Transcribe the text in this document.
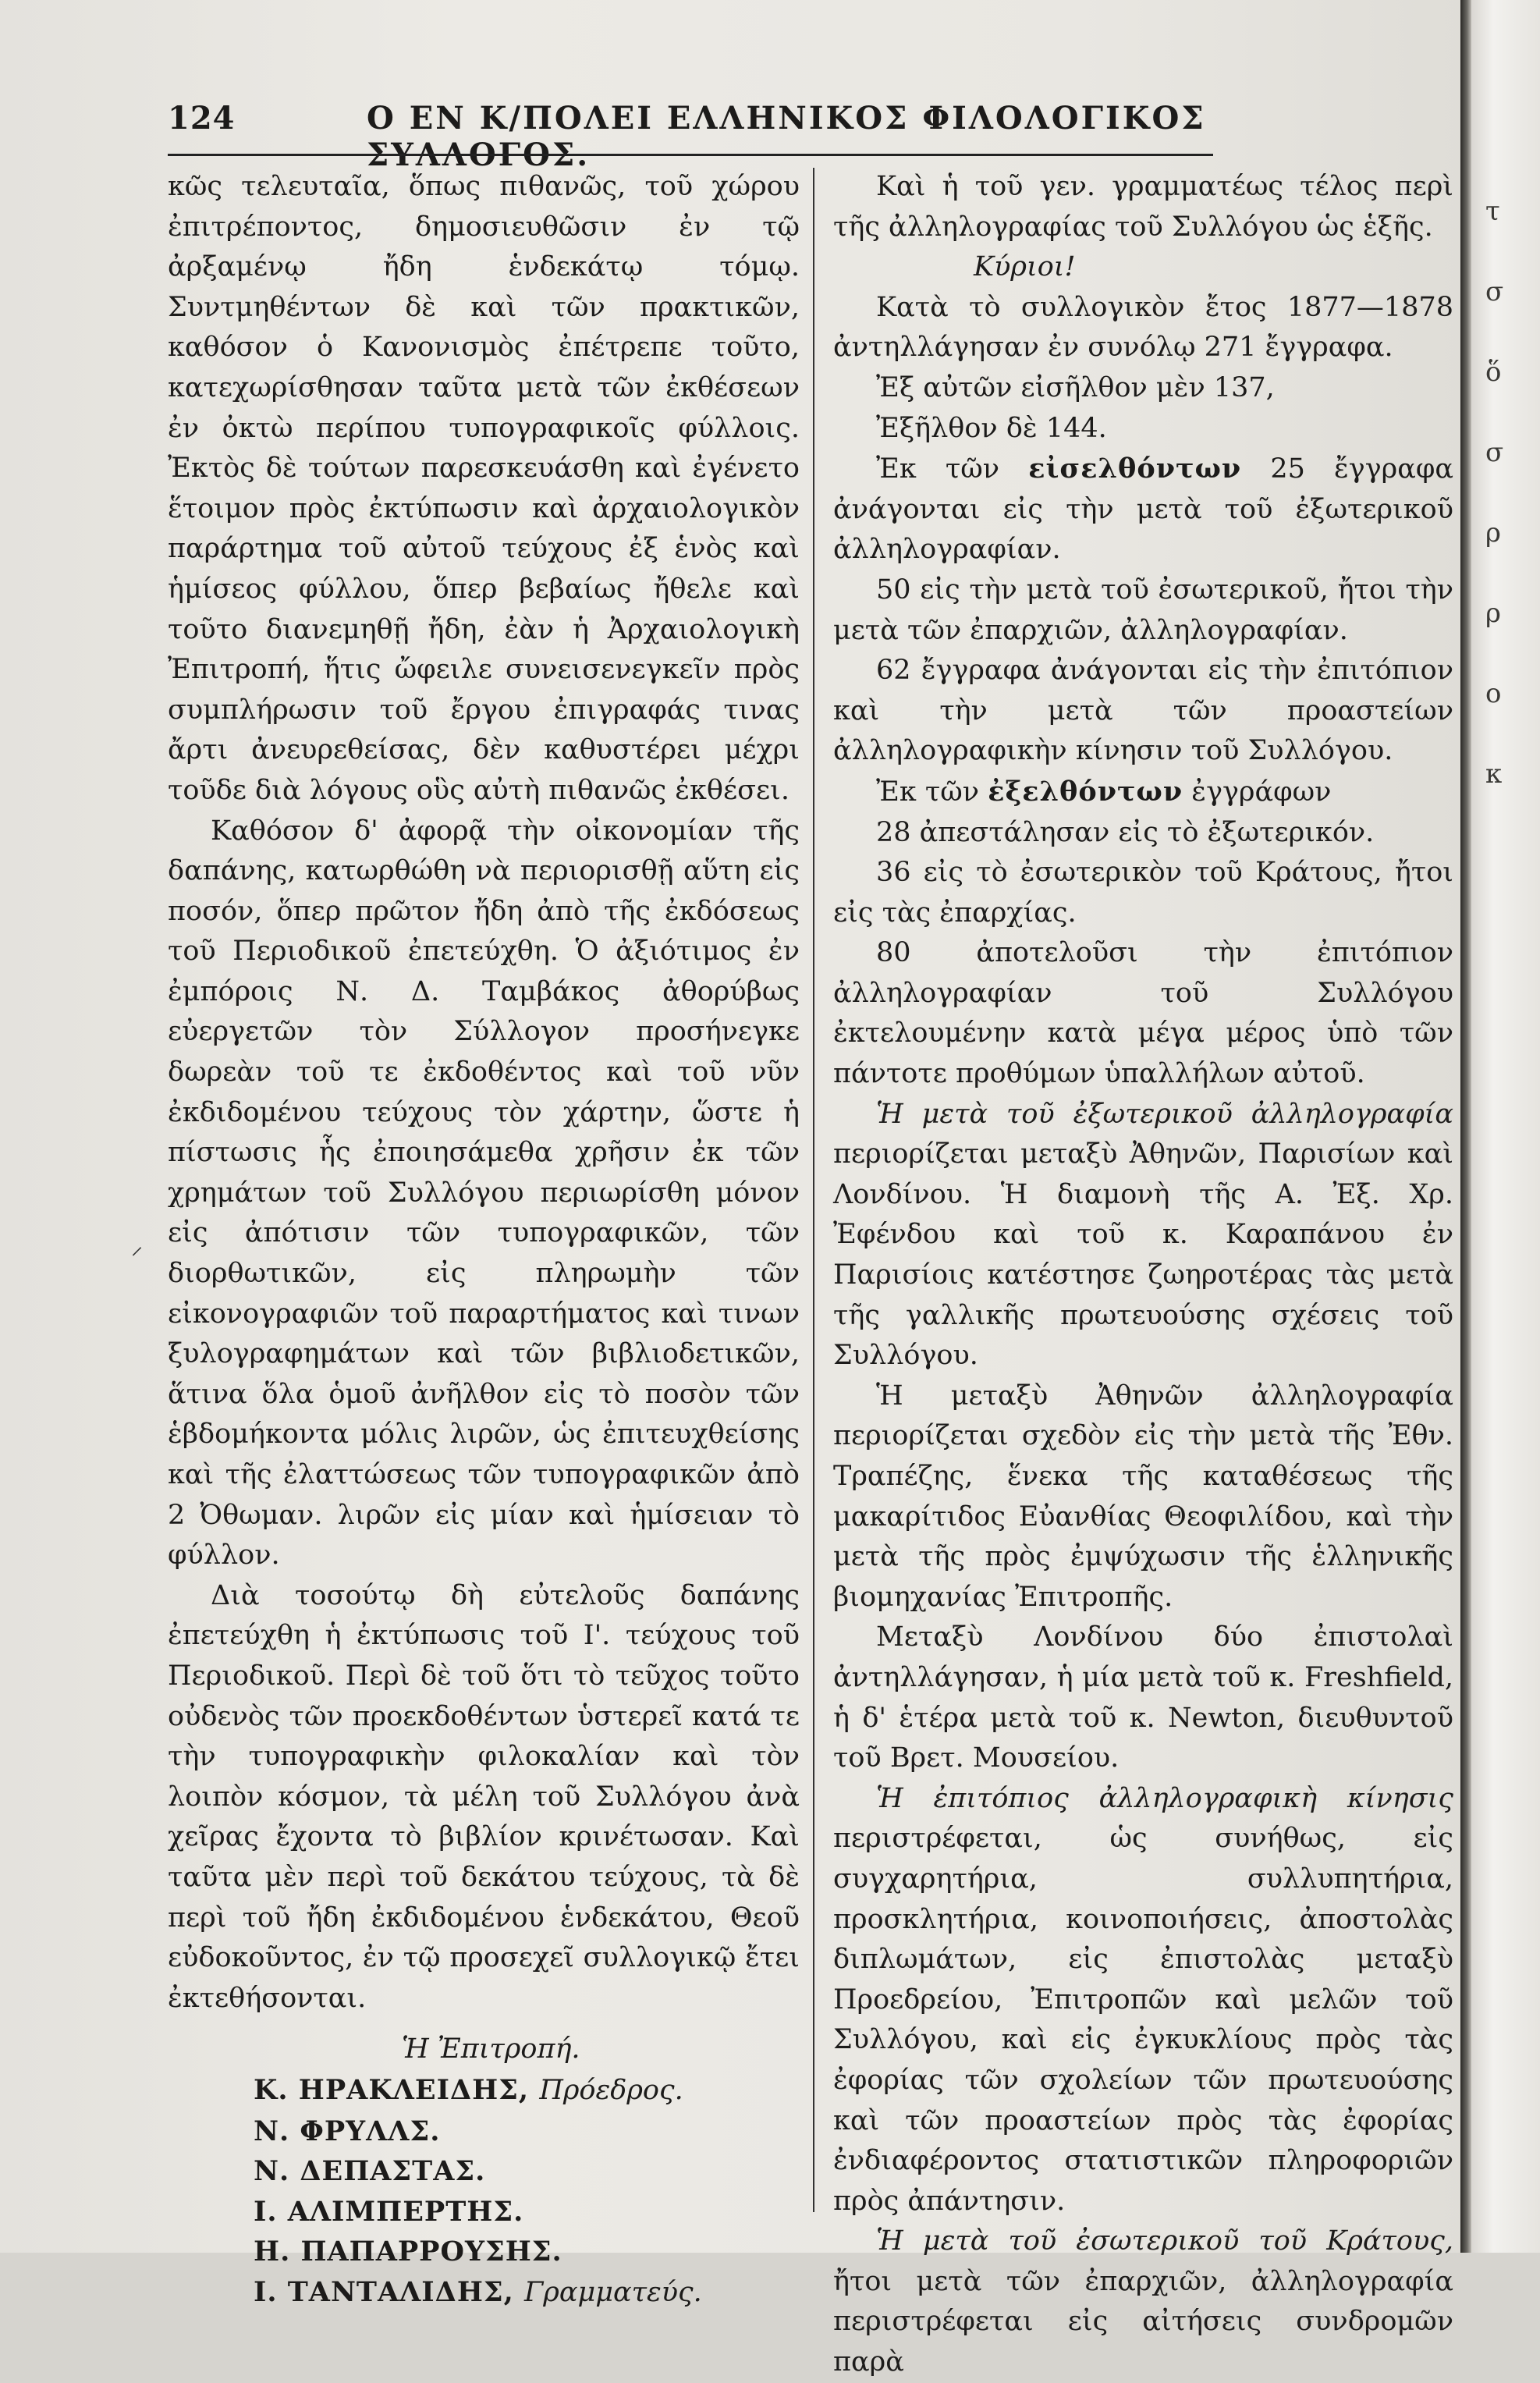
124	Ο ΕΝ Κ/ΠΟΛΕΙ ΕΛΛΗΝΙΚΟΣ ΦΙΛΟΛΟΓΙΚΟΣ ΣΥΛΛΟΓΟΣ.
⸝

κῶς τελευταῖα, ὅπως πιθανῶς, τοῦ χώρου ἐπιτρέποντος, δημοσιευθῶσιν ἐν τῷ ἀρξαμένῳ ἤδη ἑνδεκάτῳ τόμῳ. Συντμηθέντων δὲ καὶ τῶν πρακτικῶν, καθόσον ὁ Κανονισμὸς ἐπέτρεπε τοῦτο, κατεχωρίσθησαν ταῦτα μετὰ τῶν ἐκθέσεων ἐν ὀκτὼ περίπου τυπογραφικοῖς φύλλοις. Ἐκτὸς δὲ τούτων παρεσκευάσθη καὶ ἐγένετο ἕτοιμον πρὸς ἐκτύπωσιν καὶ ἀρχαιολογικὸν παράρτημα τοῦ αὐτοῦ τεύχους ἐξ ἑνὸς καὶ ἡμίσεος φύλλου, ὅπερ βεβαίως ἤθελε καὶ τοῦτο διανεμηθῇ ἤδη, ἐὰν ἡ Ἀρχαιολογικὴ Ἐπιτροπή, ἥτις ὤφειλε συνεισενεγκεῖν πρὸς συμπλήρωσιν τοῦ ἔργου ἐπιγραφάς τινας ἄρτι ἀνευρεθείσας, δὲν καθυστέρει μέχρι τοῦδε διὰ λόγους οὓς αὐτὴ πιθανῶς ἐκθέσει.

Καθόσον δ' ἀφορᾷ τὴν οἰκονομίαν τῆς δαπάνης, κατωρθώθη νὰ περιορισθῇ αὕτη εἰς ποσόν, ὅπερ πρῶτον ἤδη ἀπὸ τῆς ἐκδόσεως τοῦ Περιοδικοῦ ἐπετεύχθη. Ὁ ἀξιότιμος ἐν ἐμπόροις Ν. Δ. Ταμβάκος ἀθορύβως εὐεργετῶν τὸν Σύλλογον προσήνεγκε δωρεὰν τοῦ τε ἐκδοθέντος καὶ τοῦ νῦν ἐκδιδομένου τεύχους τὸν χάρτην, ὥστε ἡ πίστωσις ἧς ἐποιησάμεθα χρῆσιν ἐκ τῶν χρημάτων τοῦ Συλλόγου περιωρίσθη μόνον εἰς ἀπότισιν τῶν τυπογραφικῶν, τῶν διορθωτικῶν, εἰς πληρωμὴν τῶν εἰκονογραφιῶν τοῦ παραρτήματος καὶ τινων ξυλογραφημάτων καὶ τῶν βιβλιοδετικῶν, ἅτινα ὅλα ὁμοῦ ἀνῆλθον εἰς τὸ ποσὸν τῶν ἑβδομήκοντα μόλις λιρῶν, ὡς ἐπιτευχθείσης καὶ τῆς ἐλαττώσεως τῶν τυπογραφικῶν ἀπὸ 2 Ὀθωμαν. λιρῶν εἰς μίαν καὶ ἡμίσειαν τὸ φύλλον.

Διὰ τοσούτῳ δὴ εὐτελοῦς δαπάνης ἐπετεύχθη ἡ ἐκτύπωσις τοῦ Ι'. τεύχους τοῦ Περιοδικοῦ. Περὶ δὲ τοῦ ὅτι τὸ τεῦχος τοῦτο οὐδενὸς τῶν προεκδοθέντων ὑστερεῖ κατά τε τὴν τυπογραφικὴν φιλοκαλίαν καὶ τὸν λοιπὸν κόσμον, τὰ μέλη τοῦ Συλλόγου ἀνὰ χεῖρας ἔχοντα τὸ βιβλίον κρινέτωσαν. Καὶ ταῦτα μὲν περὶ τοῦ δεκάτου τεύχους, τὰ δὲ περὶ τοῦ ἤδη ἐκδιδομένου ἑνδεκάτου, Θεοῦ εὐδοκοῦντος, ἐν τῷ προσεχεῖ συλλογικῷ ἔτει ἐκτεθήσονται.

Ἡ Ἐπιτροπή.

Κ. ΗΡΑΚΛΕΙΔΗΣ, Πρόεδρος.

Ν. ΦΡΥΛΛΣ.

Ν. ΔΕΠΑΣΤΑΣ.

Ι. ΑΛΙΜΠΕΡΤΗΣ.

Η. ΠΑΠΑΡΡΟΥΣΗΣ.

Ι. ΤΑΝΤΑΛΙΔΗΣ, Γραμματεύς.

Καὶ ἡ τοῦ γεν. γραμματέως τέλος περὶ τῆς ἀλληλογραφίας τοῦ Συλλόγου ὡς ἑξῆς.

Κύριοι!

Κατὰ τὸ συλλογικὸν ἔτος 1877—1878 ἀντηλλάγησαν ἐν συνόλῳ 271 ἔγγραφα.

Ἐξ αὐτῶν εἰσῆλθον μὲν 137,

Ἐξῆλθον δὲ 144.

Ἐκ τῶν εἰσελθόντων 25 ἔγγραφα ἀνάγονται εἰς τὴν μετὰ τοῦ ἐξωτερικοῦ ἀλληλογραφίαν.

50 εἰς τὴν μετὰ τοῦ ἐσωτερικοῦ, ἤτοι τὴν μετὰ τῶν ἐπαρχιῶν, ἀλληλογραφίαν.

62 ἔγγραφα ἀνάγονται εἰς τὴν ἐπιτόπιον καὶ τὴν μετὰ τῶν προαστείων ἀλληλογραφικὴν κίνησιν τοῦ Συλλόγου.

Ἐκ τῶν ἐξελθόντων ἐγγράφων

28 ἀπεστάλησαν εἰς τὸ ἐξωτερικόν.

36 εἰς τὸ ἐσωτερικὸν τοῦ Κράτους, ἤτοι εἰς τὰς ἐπαρχίας.

80 ἀποτελοῦσι τὴν ἐπιτόπιον ἀλληλογραφίαν τοῦ Συλλόγου ἐκτελουμένην κατὰ μέγα μέρος ὑπὸ τῶν πάντοτε προθύμων ὑπαλλήλων αὐτοῦ.

Ἡ μετὰ τοῦ ἐξωτερικοῦ ἀλληλογραφία περιορίζεται μεταξὺ Ἀθηνῶν, Παρισίων καὶ Λονδίνου. Ἡ διαμονὴ τῆς Α. Ἐξ. Χρ. Ἐφένδου καὶ τοῦ κ. Καραπάνου ἐν Παρισίοις κατέστησε ζωηροτέρας τὰς μετὰ τῆς γαλλικῆς πρωτευούσης σχέσεις τοῦ Συλλόγου.

Ἡ μεταξὺ Ἀθηνῶν ἀλληλογραφία περιορίζεται σχεδὸν εἰς τὴν μετὰ τῆς Ἐθν. Τραπέζης, ἕνεκα τῆς καταθέσεως τῆς μακαρίτιδος Εὐανθίας Θεοφιλίδου, καὶ τὴν μετὰ τῆς πρὸς ἐμψύχωσιν τῆς ἑλληνικῆς βιομηχανίας Ἐπιτροπῆς.

Μεταξὺ Λονδίνου δύο ἐπιστολαὶ ἀντηλλάγησαν, ἡ μία μετὰ τοῦ κ. Freshfield, ἡ δ' ἑτέρα μετὰ τοῦ κ. Newton, διευθυντοῦ τοῦ Βρετ. Μουσείου.

Ἡ ἐπιτόπιος ἀλληλογραφικὴ κίνησις περιστρέφεται, ὡς συνήθως, εἰς συγχαρητήρια, συλλυπητήρια, προσκλητήρια, κοινοποιήσεις, ἀποστολὰς διπλωμάτων, εἰς ἐπιστολὰς μεταξὺ Προεδρείου, Ἐπιτροπῶν καὶ μελῶν τοῦ Συλλόγου, καὶ εἰς ἐγκυκλίους πρὸς τὰς ἐφορίας τῶν σχολείων τῶν πρωτευούσης καὶ τῶν προαστείων πρὸς τὰς ἐφορίας ἐνδιαφέροντος στατιστικῶν πληροφοριῶν πρὸς ἀπάντησιν.

Ἡ μετὰ τοῦ ἐσωτερικοῦ τοῦ Κράτους, ἤτοι μετὰ τῶν ἐπαρχιῶν, ἀλληλογραφία περιστρέφεται εἰς αἰτήσεις συνδρομῶν παρὰ

τ
σ
ὅ
σ
ρ
ρ
ο
κ
